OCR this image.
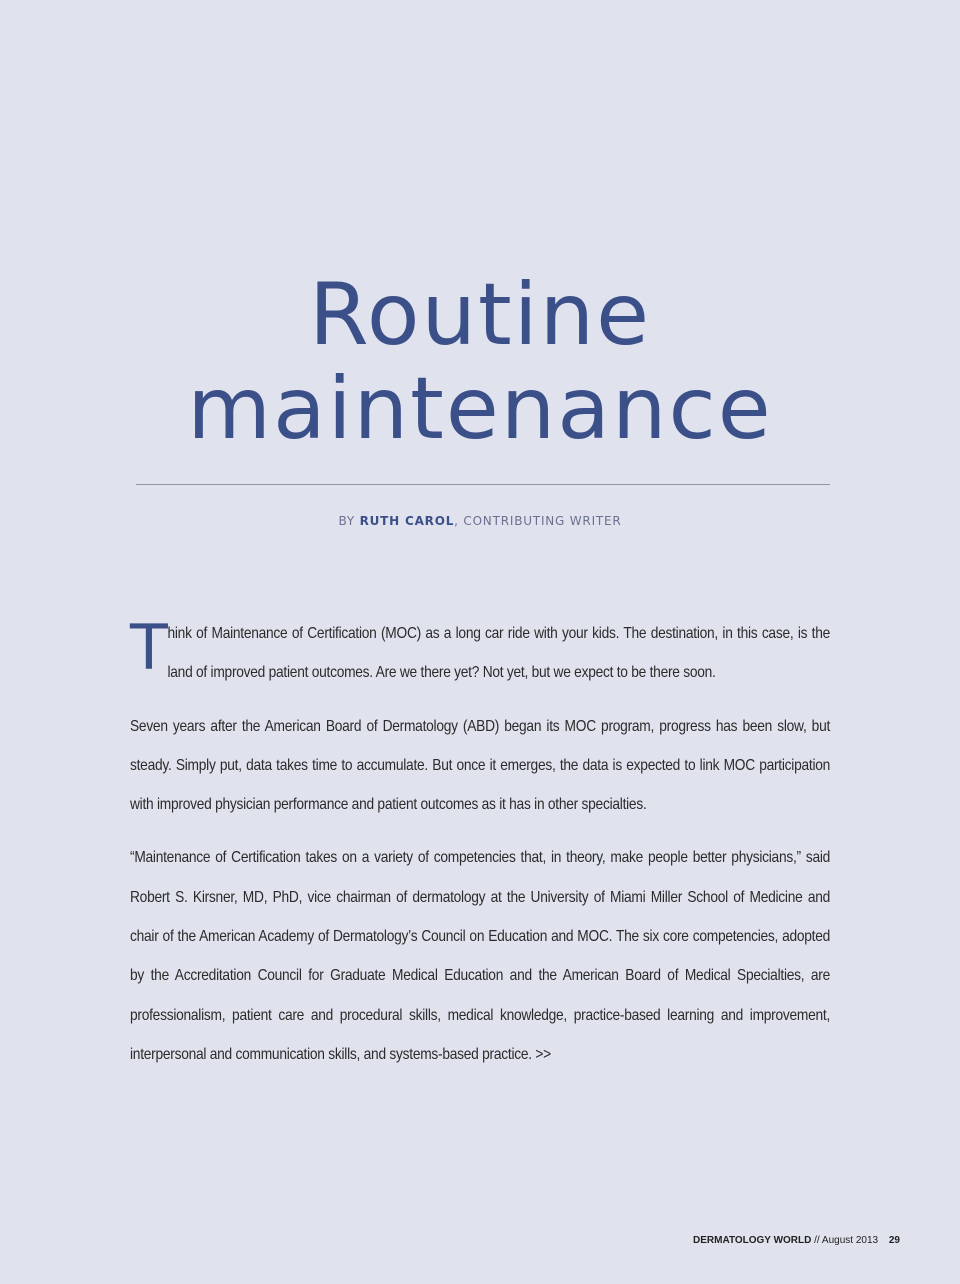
Routine
maintenance
BY RUTH CAROL, CONTRIBUTING WRITER

Think of Maintenance of Certification (MOC) as a long car ride with your kids. The destination, in this case, is the land of improved patient outcomes. Are we there yet? Not yet, but we expect to be there soon.

Seven years after the American Board of Dermatology (ABD) began its MOC program, progress has been slow, but steady. Simply put, data takes time to accumulate. But once it emerges, the data is expected to link MOC participation with improved physician performance and patient outcomes as it has in other specialties.

“Maintenance of Certification takes on a variety of competencies that, in theory, make people better physicians,” said Robert S. Kirsner, MD, PhD, vice chairman of dermatology at the University of Miami Miller School of Medicine and chair of the American Academy of Dermatology’s Council on Education and MOC. The six core competencies, adopted by the Accreditation Council for Graduate Medical Education and the American Board of Medical Specialties, are professionalism, patient care and procedural skills, medical knowledge, practice-based learning and improvement, interpersonal and communication skills, and systems-based practice. >>

DERMATOLOGY WORLD // August 2013 29
